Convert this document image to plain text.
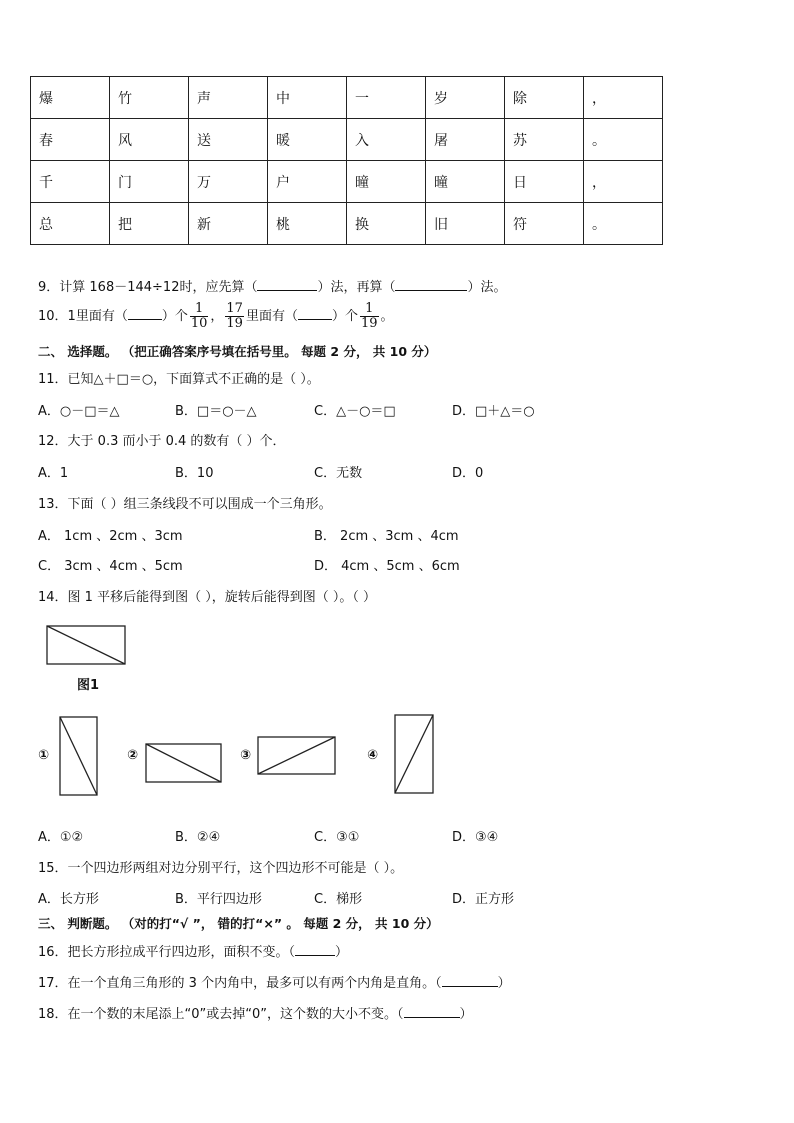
爆	竹	声	中	一	岁	除	，
春	风	送	暖	入	屠	苏	。
千	门	万	户	曈	曈	日	，
总	把	新	桃	换	旧	符	。
9．计算 168－144÷12时，应先算（	）法，再算（	）法。
10．1里面有（	）个 $\frac{1}{10}$ ， $\frac{17}{19}$ 里面有（	）个 $\frac{1}{19}$ 。
二、 选择题。 （把正确答案序号填在括号里。 每题 2 分， 共 10 分）
11．已知△＋□＝○，下面算式不正确的是（ ）。
A．○－□＝△	B．□＝○－△	C．△－○＝□	D．□＋△＝○
12．大于 0.3 而小于 0.4 的数有（ ）个．
A．1	B．10	C．无数	D．0
13．下面（ ）组三条线段不可以围成一个三角形。
A． 1cm 、2cm 、3cm	B． 2cm 、3cm 、4cm
C． 3cm 、4cm 、5cm	D． 4cm 、5cm 、6cm
14．图 1 平移后能得到图（ ），旋转后能得到图（ ）。（ ）
图1
①	②	③	④
A．①②	B．②④	C．③①	D．③④
15．一个四边形两组对边分别平行，这个四边形不可能是（ ）。
A．长方形	B．平行四边形	C．梯形	D．正方形
三、 判断题。 （对的打“√ ”， 错的打“×” 。 每题 2 分， 共 10 分）
16．把长方形拉成平行四边形，面积不变。（	）
17．在一个直角三角形的 3 个内角中，最多可以有两个内角是直角。（	）
18．在一个数的末尾添上“0”或去掉“0”，这个数的大小不变。（	）
